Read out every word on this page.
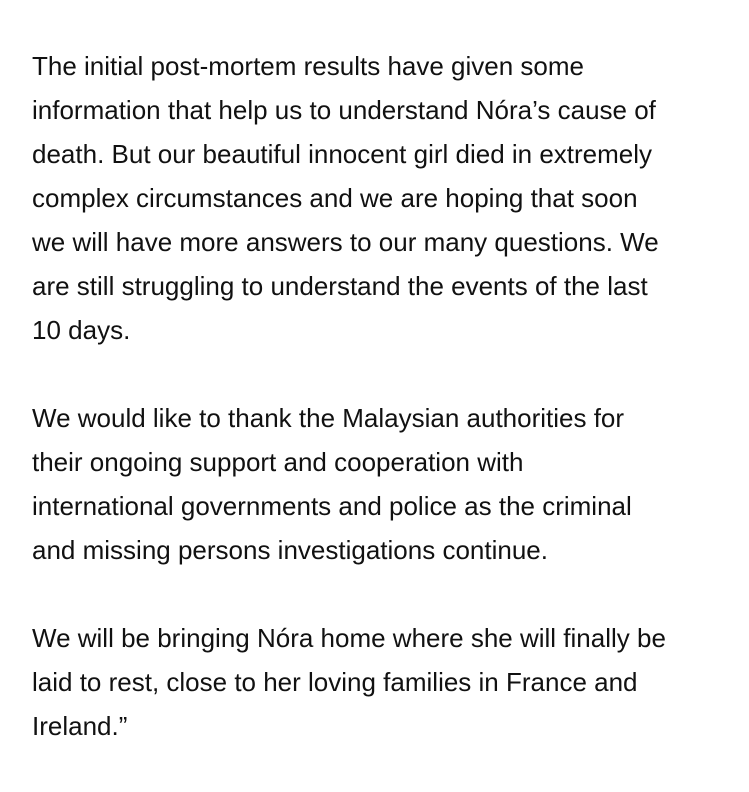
The initial post-mortem results have given some
information that help us to understand Nóra’s cause of
death. But our beautiful innocent girl died in extremely
complex circumstances and we are hoping that soon
we will have more answers to our many questions. We
are still struggling to understand the events of the last
10 days.

We would like to thank the Malaysian authorities for
their ongoing support and cooperation with
international governments and police as the criminal
and missing persons investigations continue.

We will be bringing Nóra home where she will finally be
laid to rest, close to her loving families in France and
Ireland.”
